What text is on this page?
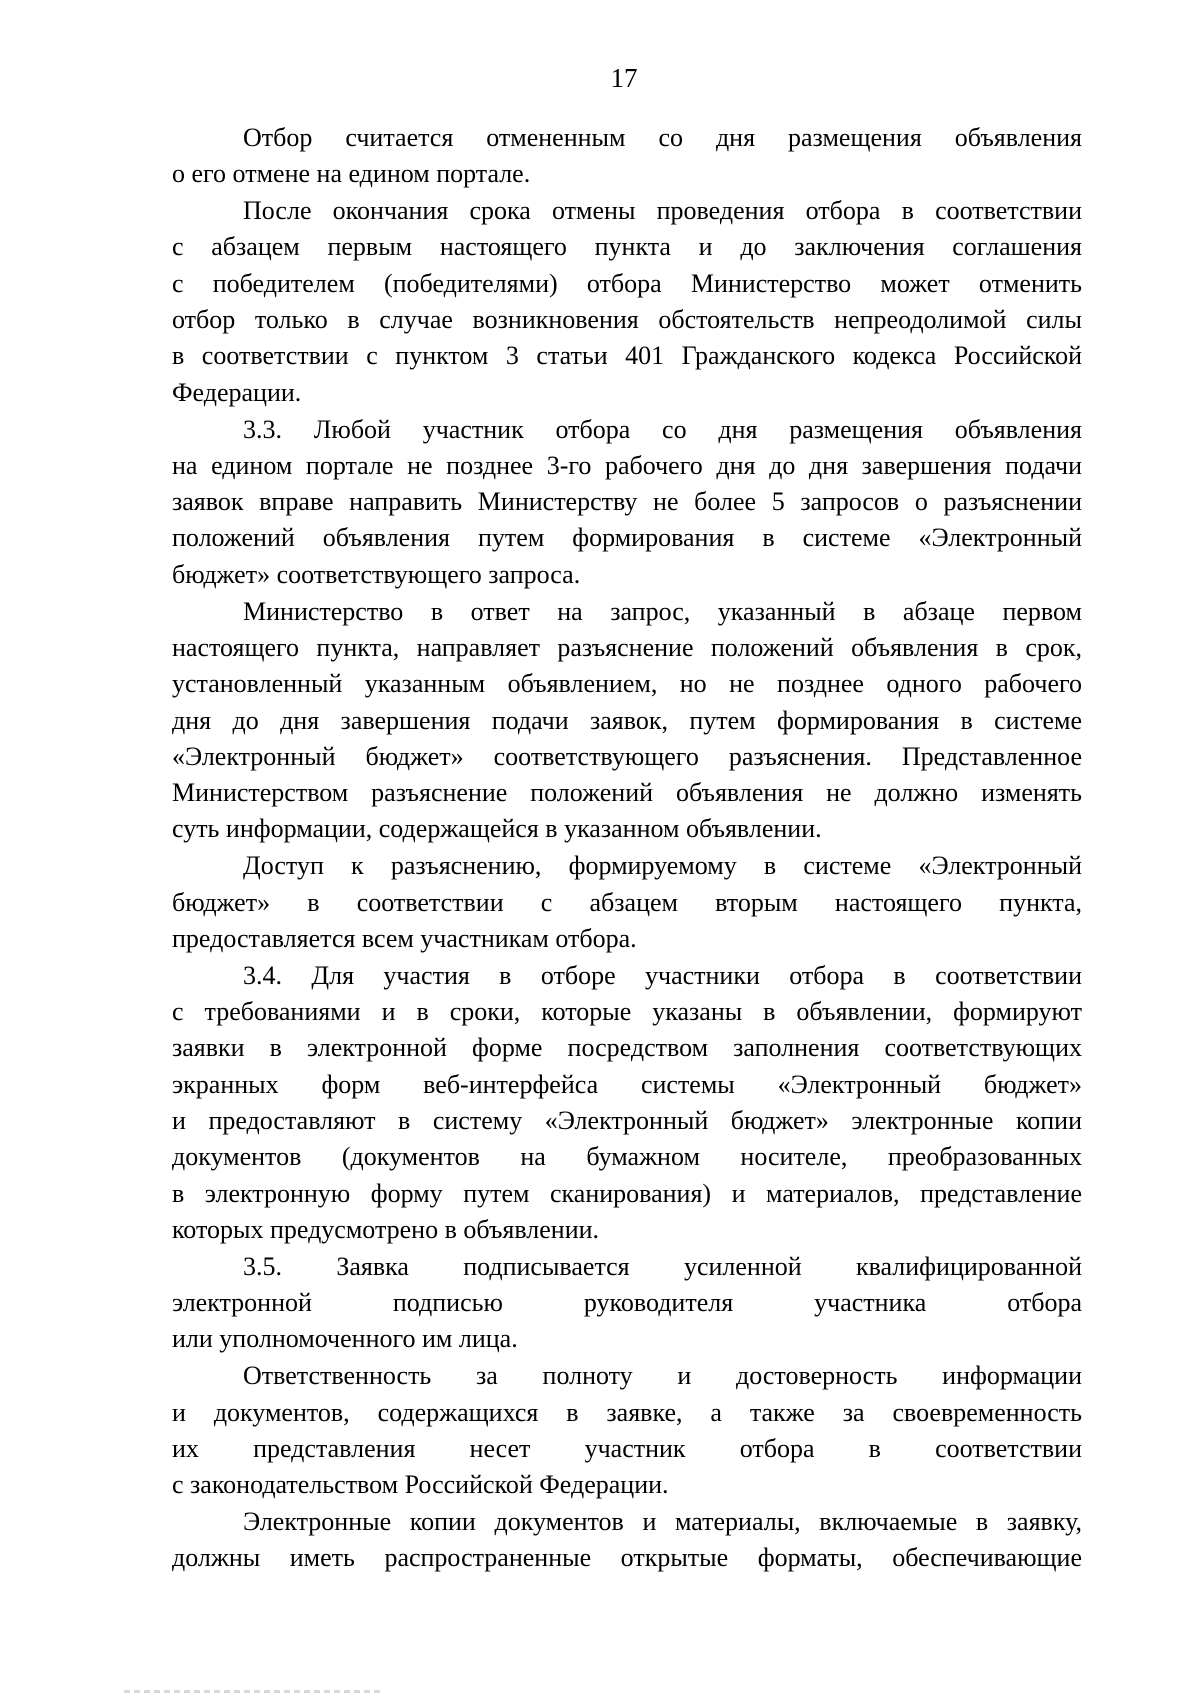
17
Отбор считается отмененным со дня размещения объявления
о его отмене на едином портале.
После окончания срока отмены проведения отбора в соответствии
с абзацем первым настоящего пункта и до заключения соглашения
с победителем (победителями) отбора Министерство может отменить
отбор только в случае возникновения обстоятельств непреодолимой силы
в соответствии с пунктом 3 статьи 401 Гражданского кодекса Российской
Федерации.
3.3. Любой участник отбора со дня размещения объявления
на едином портале не позднее 3-го рабочего дня до дня завершения подачи
заявок вправе направить Министерству не более 5 запросов о разъяснении
положений объявления путем формирования в системе «Электронный
бюджет» соответствующего запроса.
Министерство в ответ на запрос, указанный в абзаце первом
настоящего пункта, направляет разъяснение положений объявления в срок,
установленный указанным объявлением, но не позднее одного рабочего
дня до дня завершения подачи заявок, путем формирования в системе
«Электронный бюджет» соответствующего разъяснения. Представленное
Министерством разъяснение положений объявления не должно изменять
суть информации, содержащейся в указанном объявлении.
Доступ к разъяснению, формируемому в системе «Электронный
бюджет» в соответствии с абзацем вторым настоящего пункта,
предоставляется всем участникам отбора.
3.4. Для участия в отборе участники отбора в соответствии
с требованиями и в сроки, которые указаны в объявлении, формируют
заявки в электронной форме посредством заполнения соответствующих
экранных форм веб-интерфейса системы «Электронный бюджет»
и предоставляют в систему «Электронный бюджет» электронные копии
документов (документов на бумажном носителе, преобразованных
в электронную форму путем сканирования) и материалов, представление
которых предусмотрено в объявлении.
3.5. Заявка подписывается усиленной квалифицированной
электронной подписью руководителя участника отбора
или уполномоченного им лица.
Ответственность за полноту и достоверность информации
и документов, содержащихся в заявке, а также за своевременность
их представления несет участник отбора в соответствии
с законодательством Российской Федерации.
Электронные копии документов и материалы, включаемые в заявку,
должны иметь распространенные открытые форматы, обеспечивающие
